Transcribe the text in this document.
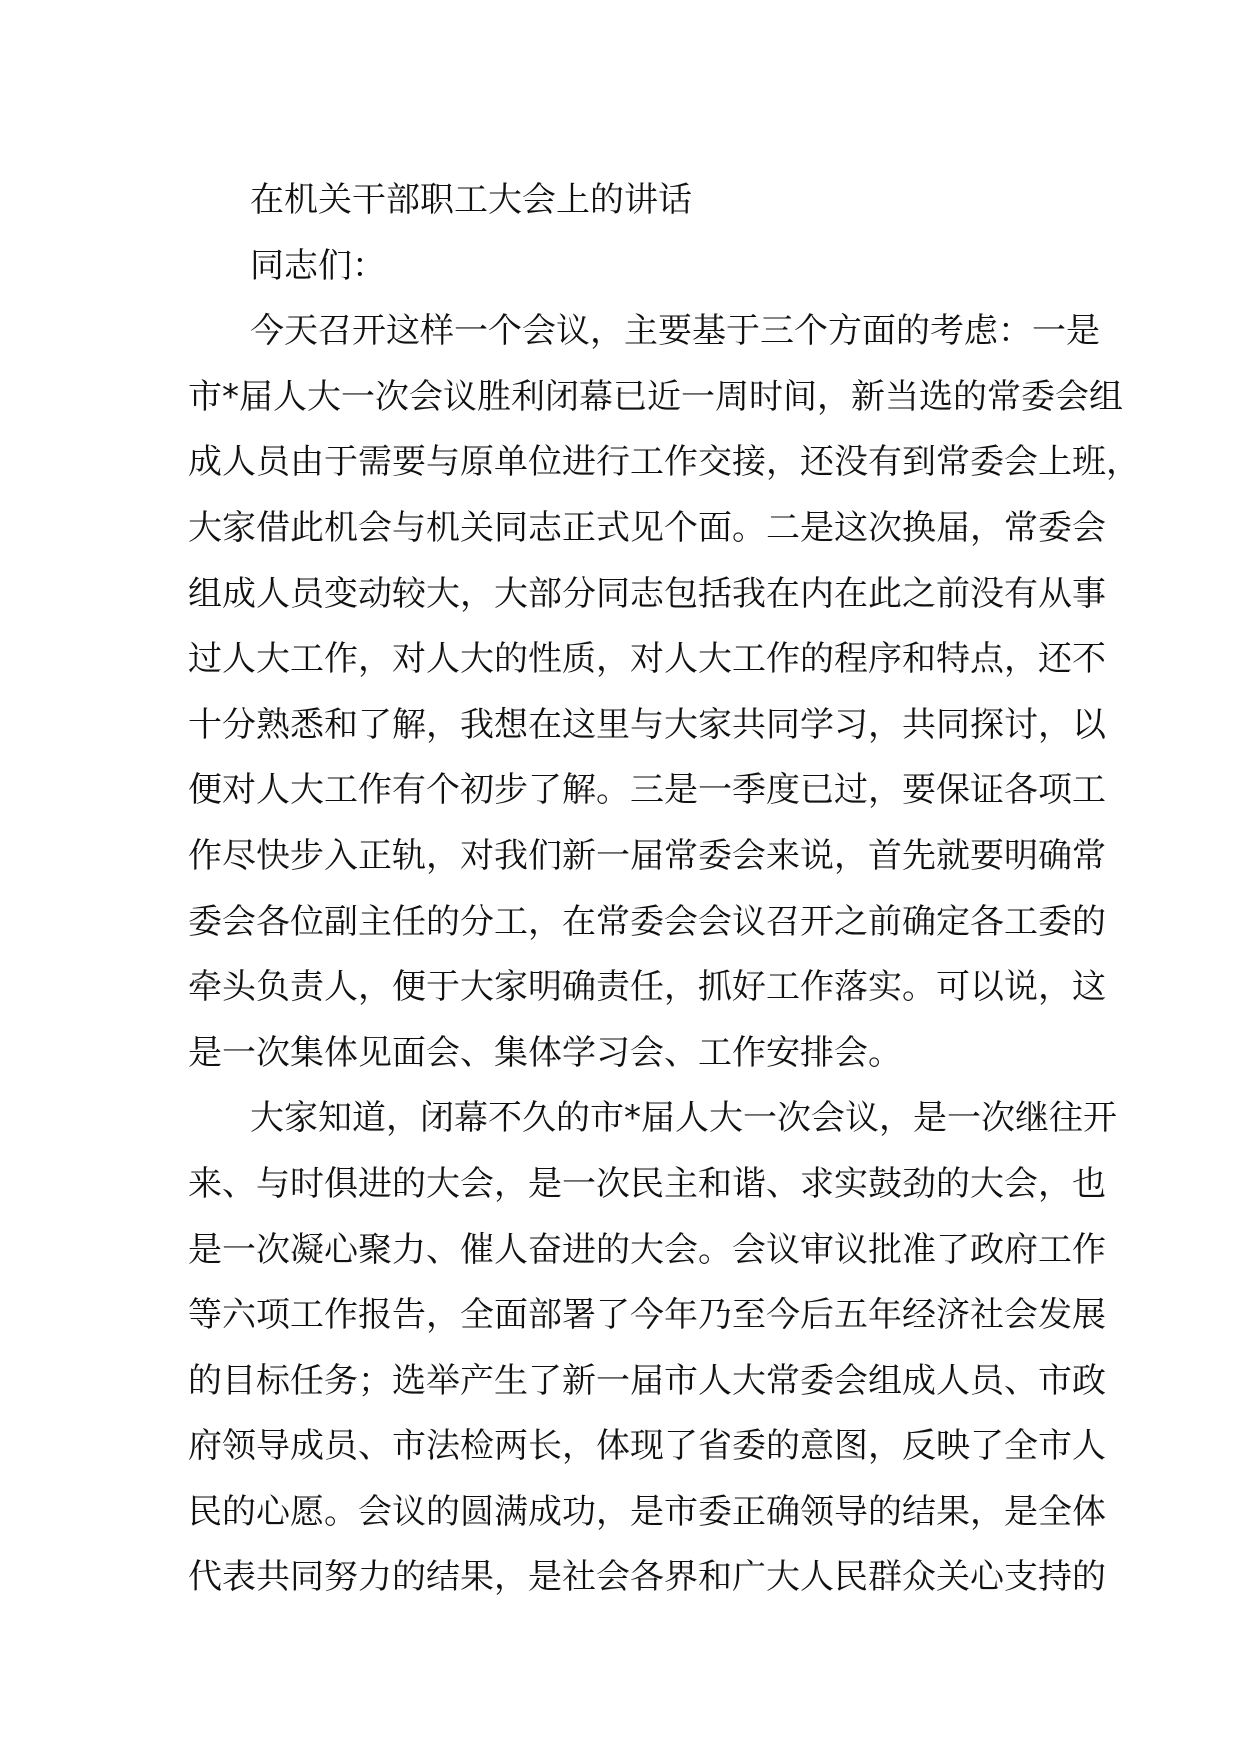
在机关干部职工大会上的讲话
同志们：
今天召开这样一个会议，主要基于三个方面的考虑：一是
市*届人大一次会议胜利闭幕已近一周时间，新当选的常委会组
成人员由于需要与原单位进行工作交接，还没有到常委会上班，
大家借此机会与机关同志正式见个面。二是这次换届，常委会
组成人员变动较大，大部分同志包括我在内在此之前没有从事
过人大工作，对人大的性质，对人大工作的程序和特点，还不
十分熟悉和了解，我想在这里与大家共同学习，共同探讨，以
便对人大工作有个初步了解。三是一季度已过，要保证各项工
作尽快步入正轨，对我们新一届常委会来说，首先就要明确常
委会各位副主任的分工，在常委会会议召开之前确定各工委的
牵头负责人，便于大家明确责任，抓好工作落实。可以说，这
是一次集体见面会、集体学习会、工作安排会。
大家知道，闭幕不久的市*届人大一次会议，是一次继往开
来、与时俱进的大会，是一次民主和谐、求实鼓劲的大会，也
是一次凝心聚力、催人奋进的大会。会议审议批准了政府工作
等六项工作报告，全面部署了今年乃至今后五年经济社会发展
的目标任务；选举产生了新一届市人大常委会组成人员、市政
府领导成员、市法检两长，体现了省委的意图，反映了全市人
民的心愿。会议的圆满成功，是市委正确领导的结果，是全体
代表共同努力的结果，是社会各界和广大人民群众关心支持的
